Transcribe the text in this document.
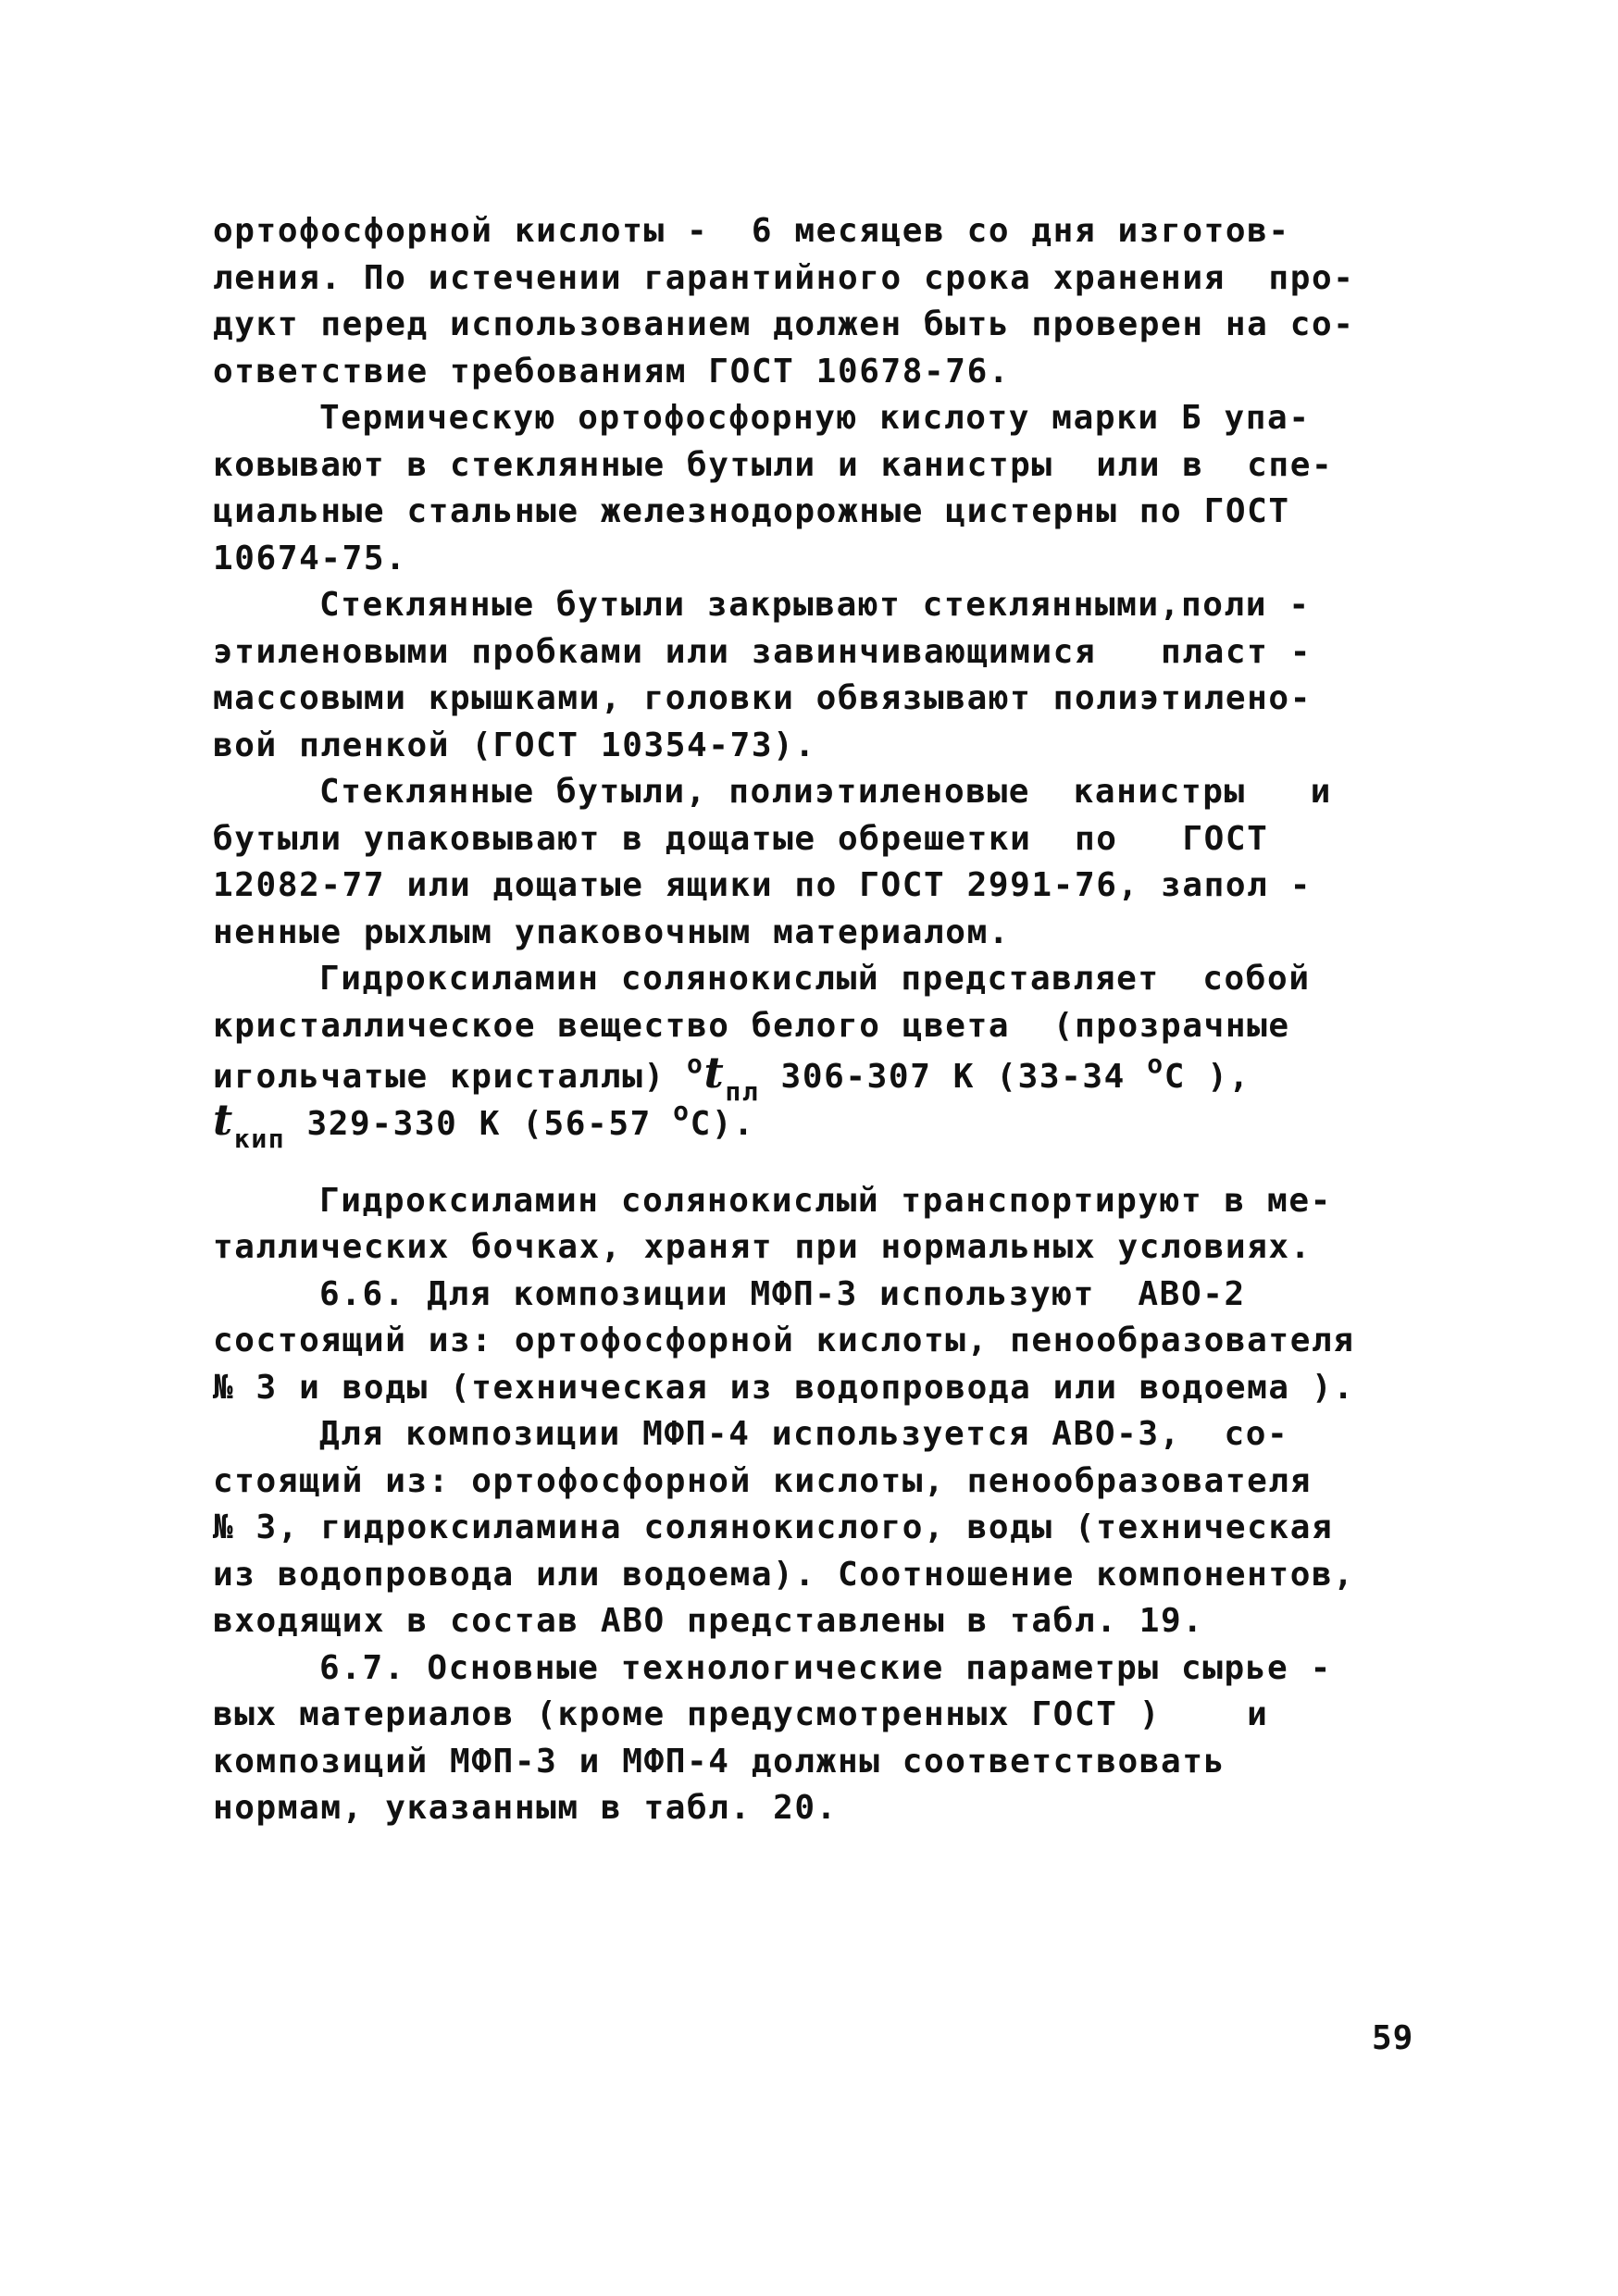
ортофосфорной кислоты -  6 месяцев со дня изготов-
ления. По истечении гарантийного срока хранения  про-
дукт перед использованием должен быть проверен на со-
ответствие требованиям ГОСТ 10678-76.
Термическую ортофосфорную кислоту марки Б упа-
ковывают в стеклянные бутыли и канистры  или в  спе-
циальные стальные железнодорожные цистерны по ГОСТ
10674-75.
Стеклянные бутыли закрывают стеклянными,поли -
этиленовыми пробками или завинчивающимися   пласт -
массовыми крышками, головки обвязывают полиэтилено-
вой пленкой (ГОСТ 10354-73).
Стеклянные бутыли, полиэтиленовые  канистры   и
бутыли упаковывают в дощатые обрешетки  по   ГОСТ
12082-77 или дощатые ящики по ГОСТ 2991-76, запол -
ненные рыхлым упаковочным материалом.
Гидроксиламин солянокислый представляет  собой
кристаллическое вещество белого цвета  (прозрачные
игольчатые кристаллы) $^ot_{пл}$ 306-307 К (33-34 $^o$С ),
$t_{кип}$ 329-330 К (56-57 $^o$С).
Гидроксиламин солянокислый транспортируют в ме-
таллических бочках, хранят при нормальных условиях.
6.6. Для композиции МФП-3 используют  АВО-2
состоящий из: ортофосфорной кислоты, пенообразователя
№ 3 и воды (техническая из водопровода или водоема ).
Для композиции МФП-4 используется АВО-3,  со-
стоящий из: ортофосфорной кислоты, пенообразователя
№ 3, гидроксиламина солянокислого, воды (техническая
из водопровода или водоема). Соотношение компонентов,
входящих в состав АВО представлены в табл. 19.
6.7. Основные технологические параметры сырье -
вых материалов (кроме предусмотренных ГОСТ )    и
композиций МФП-3 и МФП-4 должны соответствовать
нормам, указанным в табл. 20.
59
